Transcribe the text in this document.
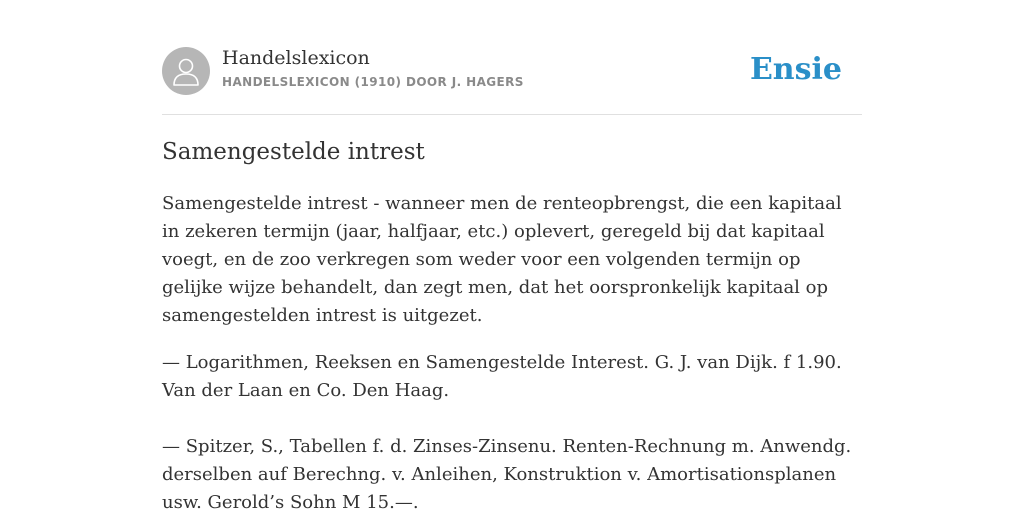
Handelslexicon
HANDELSLEXICON (1910) DOOR J. HAGERS	Ensie
Samengestelde intrest

Samengestelde intrest - wanneer men de renteopbrengst, die een kapitaal in zekeren termijn (jaar, halfjaar, etc.) oplevert, geregeld bij dat kapitaal voegt, en de zoo verkregen som weder voor een volgenden termijn op gelijke wijze behandelt, dan zegt men, dat het oorspronkelijk kapitaal op samengestelden intrest is uitgezet.

— Logarithmen, Reeksen en Samengestelde Interest. G. J. van Dijk. f 1.90. Van der Laan en Co. Den Haag.

— Spitzer, S., Tabellen f. d. Zinses-Zinsenu. Renten-Rechnung m. Anwendg. derselben auf Berechng. v. Anleihen, Konstruktion v. Amortisationsplanen usw. Gerold’s Sohn M 15.—.
